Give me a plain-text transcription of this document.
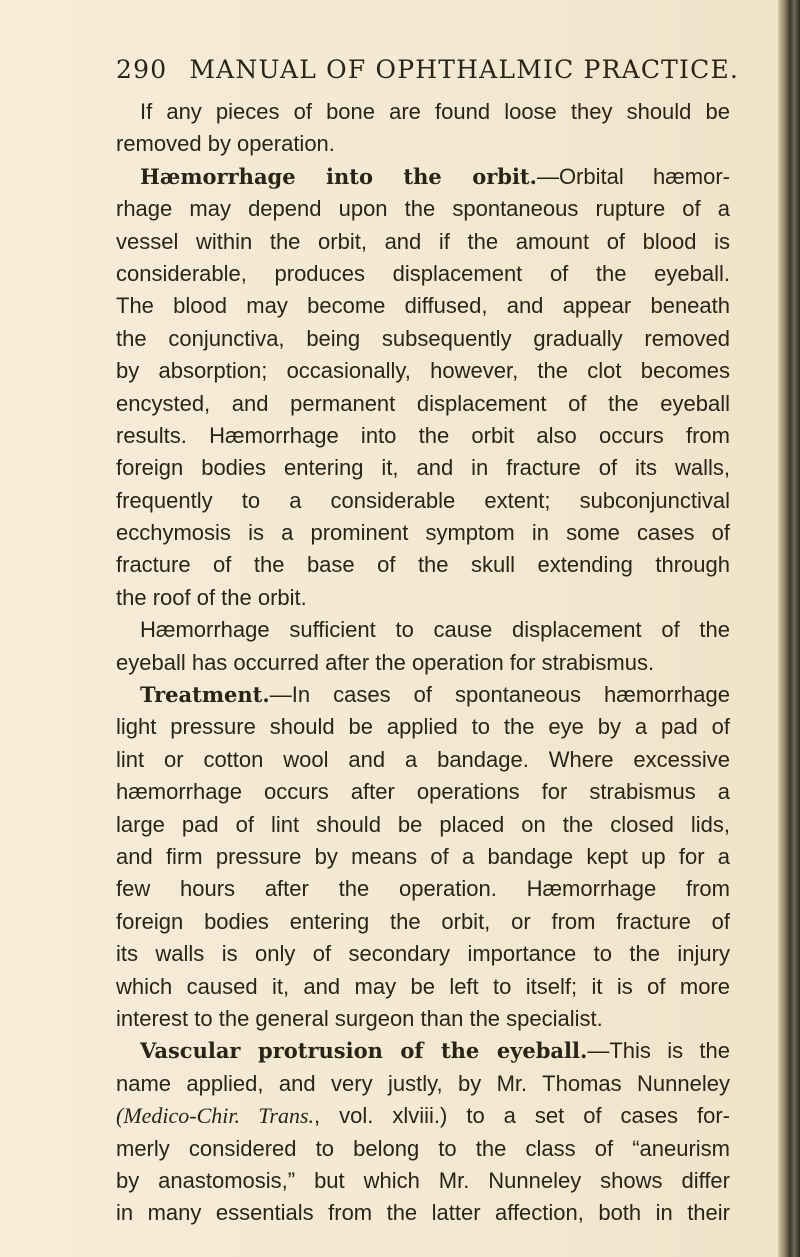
290 MANUAL OF OPHTHALMIC PRACTICE.
If any pieces of bone are found loose they should be
removed by operation.
Hæmorrhage into the orbit.—Orbital hæmor-
rhage may depend upon the spontaneous rupture of a
vessel within the orbit, and if the amount of blood is
considerable, produces displacement of the eyeball.
The blood may become diffused, and appear beneath
the conjunctiva, being subsequently gradually removed
by absorption; occasionally, however, the clot becomes
encysted, and permanent displacement of the eyeball
results. Hæmorrhage into the orbit also occurs from
foreign bodies entering it, and in fracture of its walls,
frequently to a considerable extent; subconjunctival
ecchymosis is a prominent symptom in some cases of
fracture of the base of the skull extending through
the roof of the orbit.
Hæmorrhage sufficient to cause displacement of the
eyeball has occurred after the operation for strabismus.
Treatment.—In cases of spontaneous hæmorrhage
light pressure should be applied to the eye by a pad of
lint or cotton wool and a bandage. Where excessive
hæmorrhage occurs after operations for strabismus a
large pad of lint should be placed on the closed lids,
and firm pressure by means of a bandage kept up for a
few hours after the operation. Hæmorrhage from
foreign bodies entering the orbit, or from fracture of
its walls is only of secondary importance to the injury
which caused it, and may be left to itself; it is of more
interest to the general surgeon than the specialist.
Vascular protrusion of the eyeball.—This is the
name applied, and very justly, by Mr. Thomas Nunneley
(Medico-Chir. Trans., vol. xlviii.) to a set of cases for-
merly considered to belong to the class of “aneurism
by anastomosis,” but which Mr. Nunneley shows differ
in many essentials from the latter affection, both in their
